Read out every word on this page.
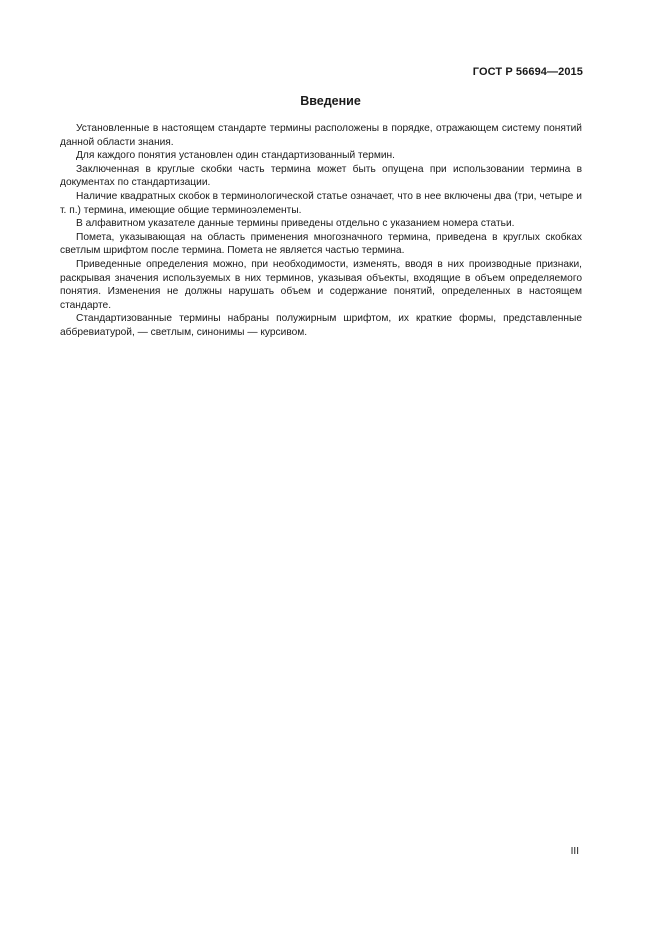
ГОСТ Р 56694—2015
Введение

Установленные в настоящем стандарте термины расположены в порядке, отражающем систему понятий данной области знания.

Для каждого понятия установлен один стандартизованный термин.

Заключенная в круглые скобки часть термина может быть опущена при использовании термина в документах по стандартизации.

Наличие квадратных скобок в терминологической статье означает, что в нее включены два (три, четыре и т. п.) термина, имеющие общие терминоэлементы.

В алфавитном указателе данные термины приведены отдельно с указанием номера статьи.

Помета, указывающая на область применения многозначного термина, приведена в круглых скобках светлым шрифтом после термина. Помета не является частью термина.

Приведенные определения можно, при необходимости, изменять, вводя в них производные признаки, раскрывая значения используемых в них терминов, указывая объекты, входящие в объем определяемого понятия. Изменения не должны нарушать объем и содержание понятий, определенных в настоящем стандарте.

Стандартизованные термины набраны полужирным шрифтом, их краткие формы, представленные аббревиатурой, — светлым, синонимы — курсивом.

III
